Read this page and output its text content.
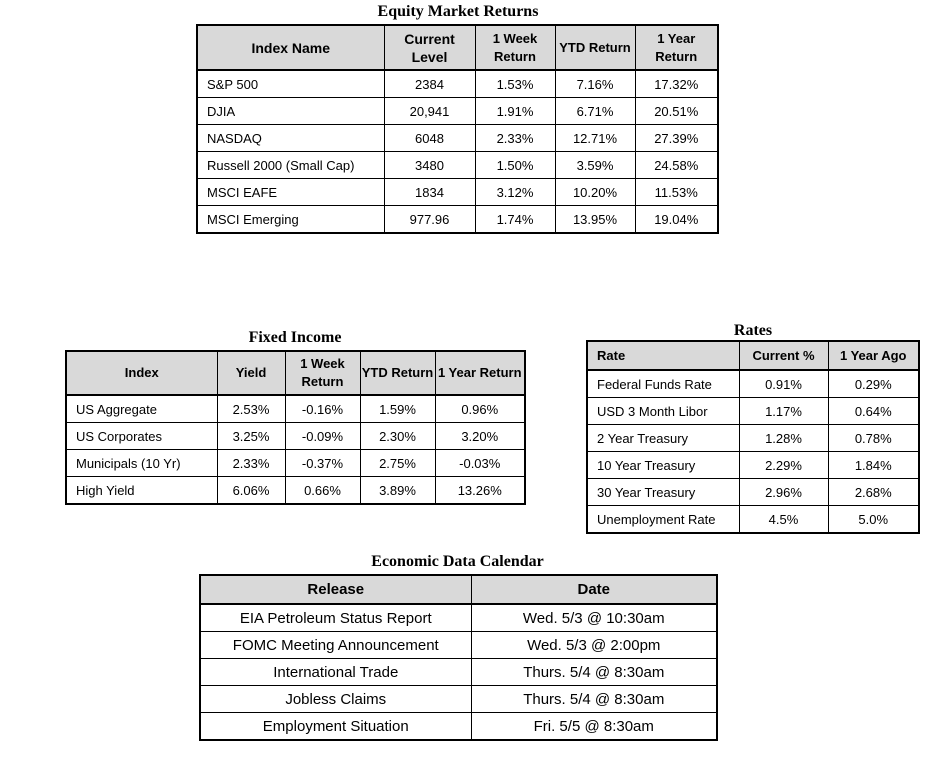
Equity Market Returns
Index Name	Current Level	1 Week Return	YTD Return	1 Year Return
S&P 500	2384	1.53%	7.16%	17.32%
DJIA	20,941	1.91%	6.71%	20.51%
NASDAQ	6048	2.33%	12.71%	27.39%
Russell 2000 (Small Cap)	3480	1.50%	3.59%	24.58%
MSCI EAFE	1834	3.12%	10.20%	11.53%
MSCI Emerging	977.96	1.74%	13.95%	19.04%
Fixed Income
Index	Yield	1 Week Return	YTD Return	1 Year Return
US Aggregate	2.53%	-0.16%	1.59%	0.96%
US Corporates	3.25%	-0.09%	2.30%	3.20%
Municipals (10 Yr)	2.33%	-0.37%	2.75%	-0.03%
High Yield	6.06%	0.66%	3.89%	13.26%
Rates
Rate	Current %	1 Year Ago
Federal Funds Rate	0.91%	0.29%
USD 3 Month Libor	1.17%	0.64%
2 Year Treasury	1.28%	0.78%
10 Year Treasury	2.29%	1.84%
30 Year Treasury	2.96%	2.68%
Unemployment Rate	4.5%	5.0%
Economic Data Calendar
Release	Date
EIA Petroleum Status Report	Wed. 5/3 @ 10:30am
FOMC Meeting Announcement	Wed. 5/3 @ 2:00pm
International Trade	Thurs. 5/4 @ 8:30am
Jobless Claims	Thurs. 5/4 @ 8:30am
Employment Situation	Fri. 5/5 @ 8:30am
